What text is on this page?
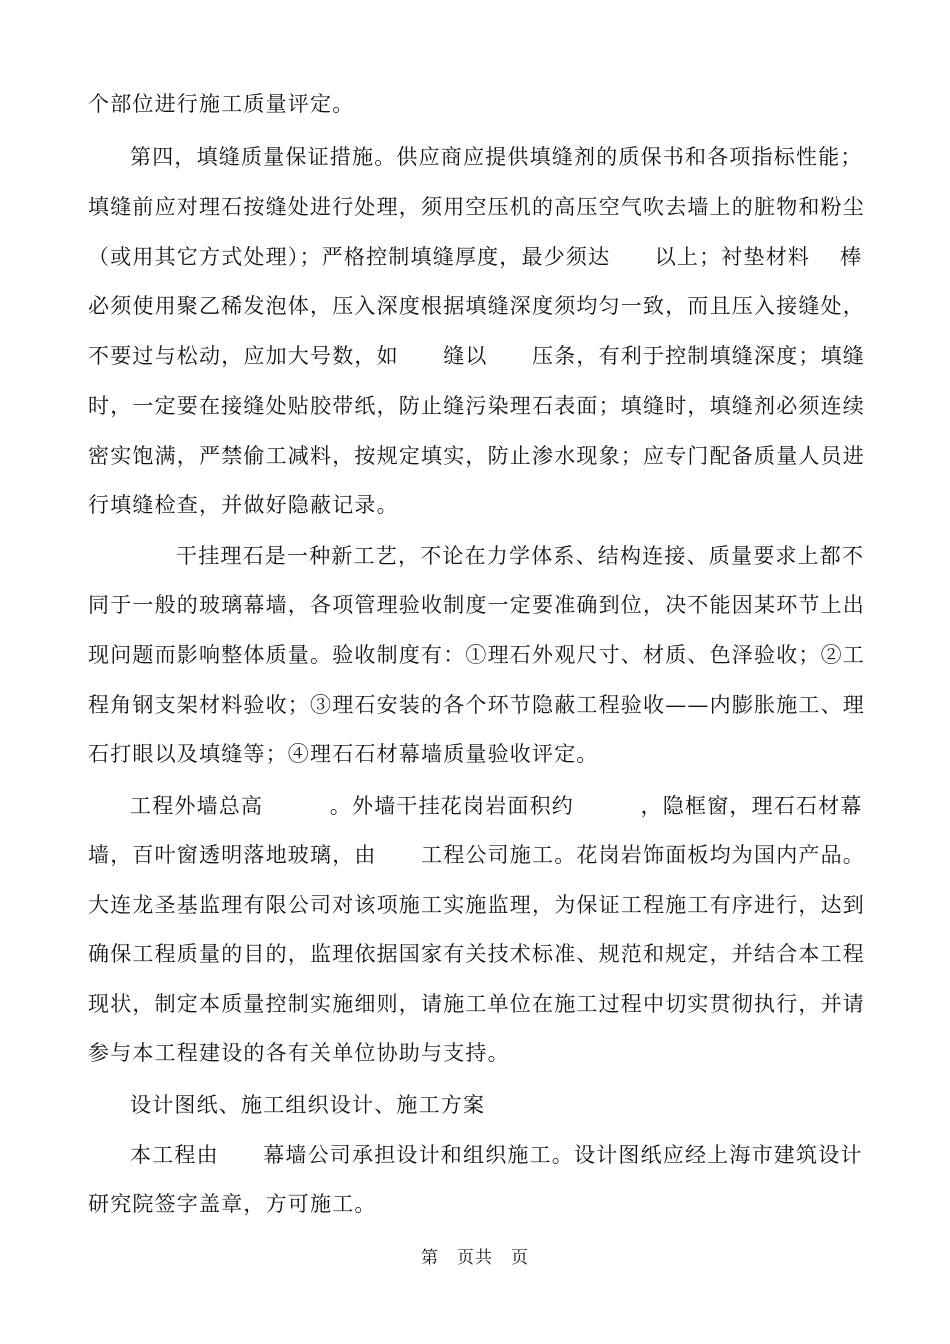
个部位进行施工质量评定。
第四，填缝质量保证措施。供应商应提供填缝剂的质保书和各项指标性能；
填缝前应对理石按缝处进行处理，须用空压机的高压空气吹去墙上的脏物和粉尘
（或用其它方式处理）；严格控制填缝厚度，最少须达　　以上；衬垫材料　 棒
必须使用聚乙稀发泡体，压入深度根据填缝深度须均匀一致，而且压入接缝处，
不要过与松动，应加大号数，如　　缝以　　压条，有利于控制填缝深度；填缝
时，一定要在接缝处贴胶带纸，防止缝污染理石表面；填缝时，填缝剂必须连续
密实饱满，严禁偷工减料，按规定填实，防止渗水现象；应专门配备质量人员进
行填缝检查，并做好隐蔽记录。
干挂理石是一种新工艺，不论在力学体系、结构连接、质量要求上都不
同于一般的玻璃幕墙，各项管理验收制度一定要准确到位，决不能因某环节上出
现问题而影响整体质量。验收制度有：①理石外观尺寸、材质、色泽验收；②工
程角钢支架材料验收；③理石安装的各个环节隐蔽工程验收——内膨胀施工、理
石打眼以及填缝等；④理石石材幕墙质量验收评定。
工程外墙总高　　　。外墙干挂花岗岩面积约　　　，隐框窗，理石石材幕
墙，百叶窗透明落地玻璃，由　　工程公司施工。花岗岩饰面板均为国内产品。
大连龙圣基监理有限公司对该项施工实施监理，为保证工程施工有序进行，达到
确保工程质量的目的，监理依据国家有关技术标准、规范和规定，并结合本工程
现状，制定本质量控制实施细则，请施工单位在施工过程中切实贯彻执行，并请
参与本工程建设的各有关单位协助与支持。
设计图纸、施工组织设计、施工方案
本工程由　　幕墙公司承担设计和组织施工。设计图纸应经上海市建筑设计
研究院签字盖章，方可施工。
第　页共　页
